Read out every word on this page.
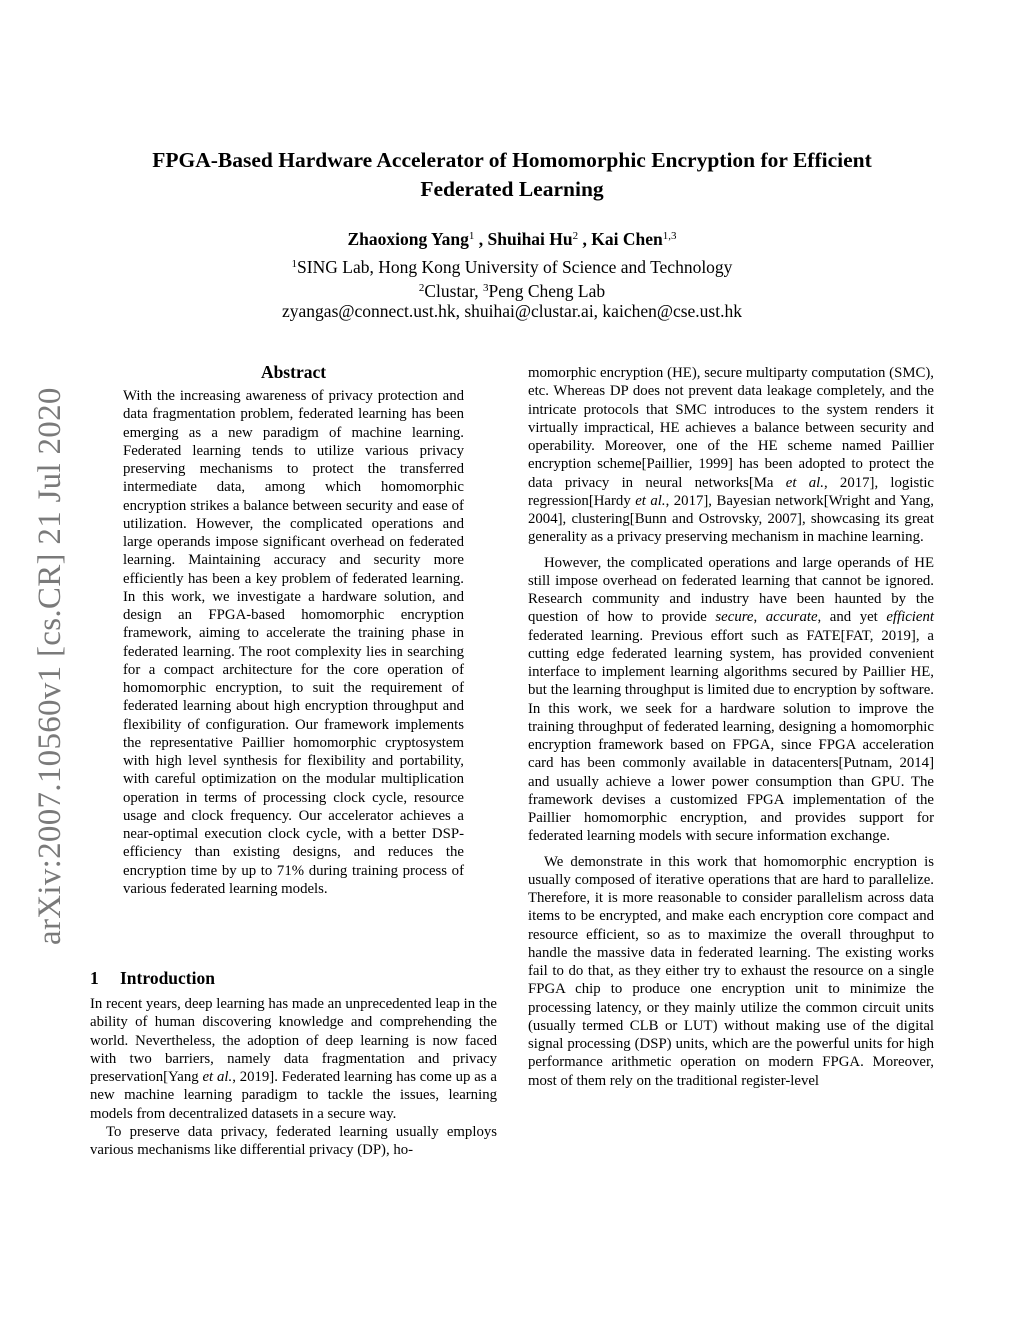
arXiv:2007.10560v1 [cs.CR] 21 Jul 2020
FPGA-Based Hardware Accelerator of Homomorphic Encryption for Efficient
Federated Learning
Zhaoxiong Yang$^1$ , Shuihai Hu$^2$ , Kai Chen$^{1,3}$
$^1$SING Lab, Hong Kong University of Science and Technology
$^2$Clustar, $^3$Peng Cheng Lab
zyangas@connect.ust.hk, shuihai@clustar.ai, kaichen@cse.ust.hk
Abstract

With the increasing awareness of privacy protection and data fragmentation problem, federated learning has been emerging as a new paradigm of machine learning. Federated learning tends to utilize various privacy preserving mechanisms to protect the transferred intermediate data, among which homomorphic encryption strikes a balance between security and ease of utilization. However, the complicated operations and large operands impose significant overhead on federated learning. Maintaining accuracy and security more efficiently has been a key problem of federated learning. In this work, we investigate a hardware solution, and design an FPGA-based homomorphic encryption framework, aiming to accelerate the training phase in federated learning. The root complexity lies in searching for a compact architecture for the core operation of homomorphic encryption, to suit the requirement of federated learning about high encryption throughput and flexibility of configuration. Our framework implements the representative Paillier homomorphic cryptosystem with high level synthesis for flexibility and portability, with careful optimization on the modular multiplication operation in terms of processing clock cycle, resource usage and clock frequency. Our accelerator achieves a near-optimal execution clock cycle, with a better DSP-efficiency than existing designs, and reduces the encryption time by up to 71% during training process of various federated learning models.

1 Introduction

In recent years, deep learning has made an unprecedented leap in the ability of human discovering knowledge and comprehending the world. Nevertheless, the adoption of deep learning is now faced with two barriers, namely data fragmentation and privacy preservation[Yang et al., 2019]. Federated learning has come up as a new machine learning paradigm to tackle the issues, learning models from decentralized datasets in a secure way.

To preserve data privacy, federated learning usually employs various mechanisms like differential privacy (DP), ho-

momorphic encryption (HE), secure multiparty computation (SMC), etc. Whereas DP does not prevent data leakage completely, and the intricate protocols that SMC introduces to the system renders it virtually impractical, HE achieves a balance between security and operability. Moreover, one of the HE scheme named Paillier encryption scheme[Paillier, 1999] has been adopted to protect the data privacy in neural networks[Ma et al., 2017], logistic regression[Hardy et al., 2017], Bayesian network[Wright and Yang, 2004], clustering[Bunn and Ostrovsky, 2007], showcasing its great generality as a privacy preserving mechanism in machine learning.

However, the complicated operations and large operands of HE still impose overhead on federated learning that cannot be ignored. Research community and industry have been haunted by the question of how to provide secure, accurate, and yet efficient federated learning. Previous effort such as FATE[FAT, 2019], a cutting edge federated learning system, has provided convenient interface to implement learning algorithms secured by Paillier HE, but the learning throughput is limited due to encryption by software. In this work, we seek for a hardware solution to improve the training throughput of federated learning, designing a homomorphic encryption framework based on FPGA, since FPGA acceleration card has been commonly available in datacenters[Putnam, 2014] and usually achieve a lower power consumption than GPU. The framework devises a customized FPGA implementation of the Paillier homomorphic encryption, and provides support for federated learning models with secure information exchange.

We demonstrate in this work that homomorphic encryption is usually composed of iterative operations that are hard to parallelize. Therefore, it is more reasonable to consider parallelism across data items to be encrypted, and make each encryption core compact and resource efficient, so as to maximize the overall throughput to handle the massive data in federated learning. The existing works fail to do that, as they either try to exhaust the resource on a single FPGA chip to produce one encryption unit to minimize the processing latency, or they mainly utilize the common circuit units (usually termed CLB or LUT) without making use of the digital signal processing (DSP) units, which are the powerful units for high performance arithmetic operation on modern FPGA. Moreover, most of them rely on the traditional register-level
